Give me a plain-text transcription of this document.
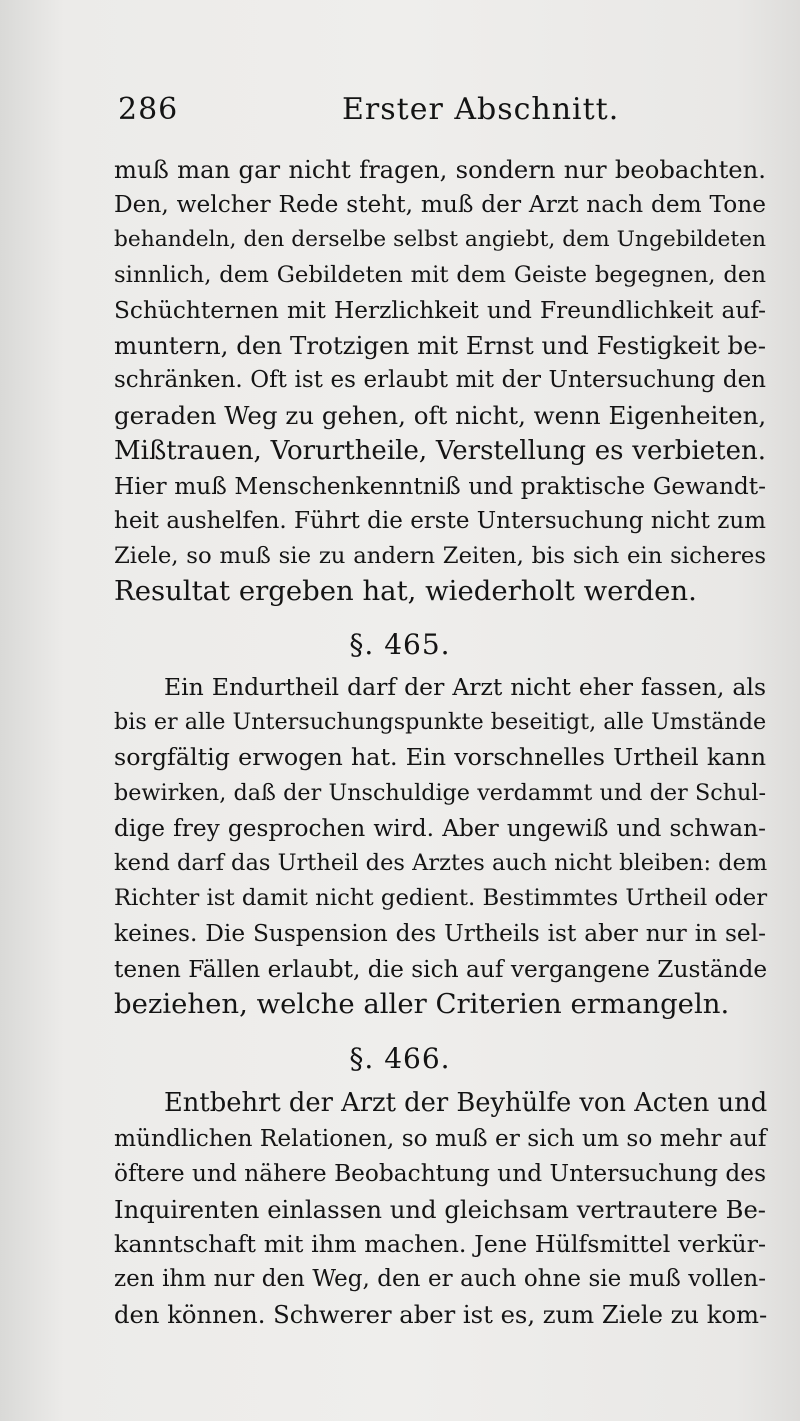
286	Erster Abschnitt.
muß man gar nicht fragen, sondern nur beobachten.
Den, welcher Rede steht, muß der Arzt nach dem Tone
behandeln, den derselbe selbst angiebt, dem Ungebildeten
sinnlich, dem Gebildeten mit dem Geiste begegnen, den
Schüchternen mit Herzlichkeit und Freundlichkeit auf-
muntern, den Trotzigen mit Ernst und Festigkeit be-
schränken. Oft ist es erlaubt mit der Untersuchung den
geraden Weg zu gehen, oft nicht, wenn Eigenheiten,
Mißtrauen, Vorurtheile, Verstellung es verbieten.
Hier muß Menschenkenntniß und praktische Gewandt-
heit aushelfen. Führt die erste Untersuchung nicht zum
Ziele, so muß sie zu andern Zeiten, bis sich ein sicheres
Resultat ergeben hat, wiederholt werden.
§. 465.
Ein Endurtheil darf der Arzt nicht eher fassen, als
bis er alle Untersuchungspunkte beseitigt, alle Umstände
sorgfältig erwogen hat. Ein vorschnelles Urtheil kann
bewirken, daß der Unschuldige verdammt und der Schul-
dige frey gesprochen wird. Aber ungewiß und schwan-
kend darf das Urtheil des Arztes auch nicht bleiben: dem
Richter ist damit nicht gedient. Bestimmtes Urtheil oder
keines. Die Suspension des Urtheils ist aber nur in sel-
tenen Fällen erlaubt, die sich auf vergangene Zustände
beziehen, welche aller Criterien ermangeln.
§. 466.
Entbehrt der Arzt der Beyhülfe von Acten und
mündlichen Relationen, so muß er sich um so mehr auf
öftere und nähere Beobachtung und Untersuchung des
Inquirenten einlassen und gleichsam vertrautere Be-
kanntschaft mit ihm machen. Jene Hülfsmittel verkür-
zen ihm nur den Weg, den er auch ohne sie muß vollen-
den können. Schwerer aber ist es, zum Ziele zu kom-
